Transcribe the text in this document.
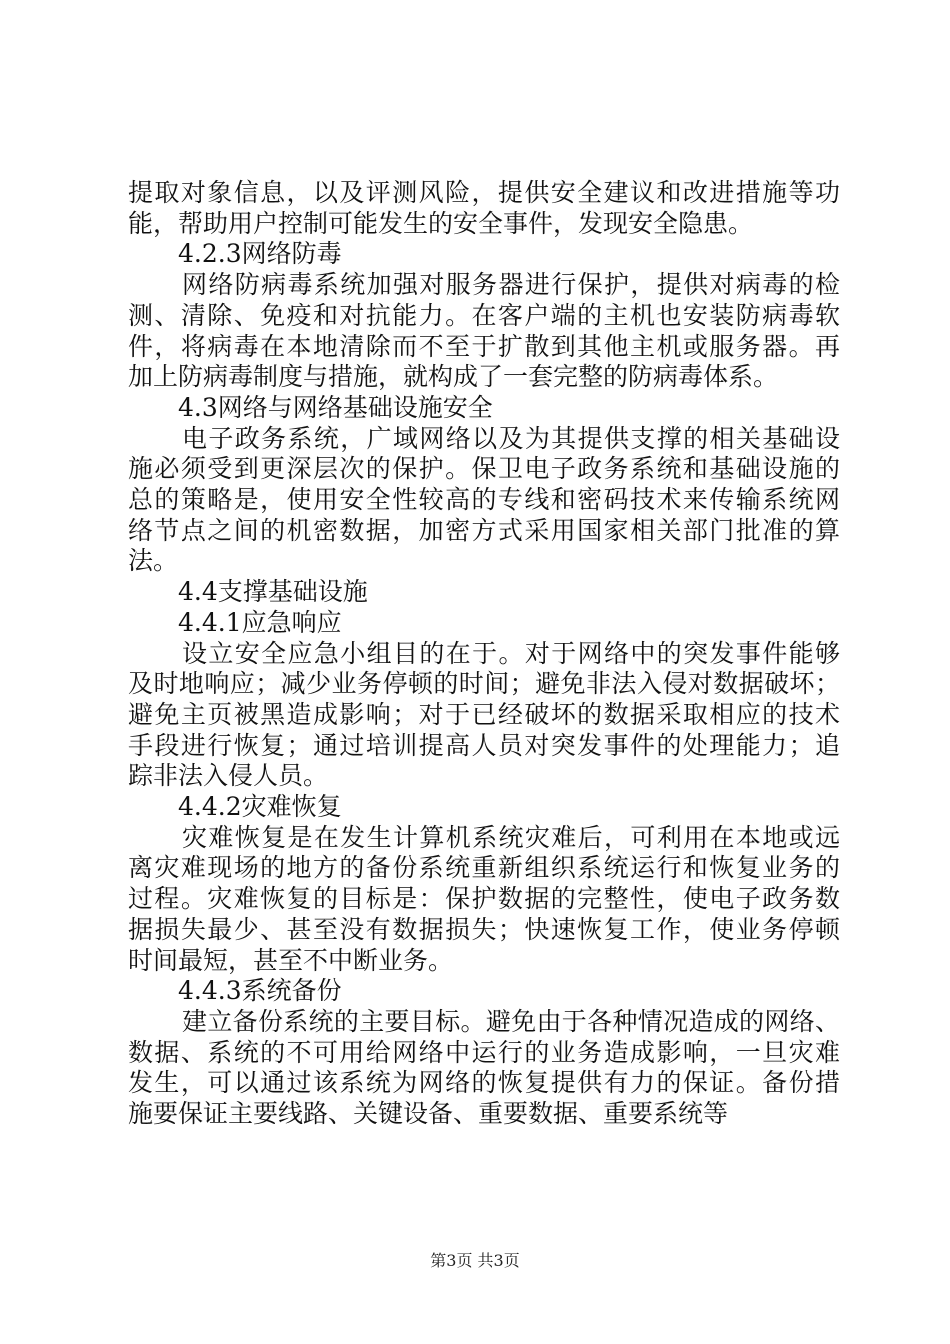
提取对象信息，以及评测风险，提供安全建议和改进措施等功
能，帮助用户控制可能发生的安全事件，发现安全隐患。
4.2.3网络防毒
网络防病毒系统加强对服务器进行保护，提供对病毒的检
测、清除、免疫和对抗能力。在客户端的主机也安装防病毒软
件，将病毒在本地清除而不至于扩散到其他主机或服务器。再
加上防病毒制度与措施，就构成了一套完整的防病毒体系。
4.3网络与网络基础设施安全
电子政务系统，广域网络以及为其提供支撑的相关基础设
施必须受到更深层次的保护。保卫电子政务系统和基础设施的
总的策略是，使用安全性较高的专线和密码技术来传输系统网
络节点之间的机密数据，加密方式采用国家相关部门批准的算
法。
4.4支撑基础设施
4.4.1应急响应
设立安全应急小组目的在于。对于网络中的突发事件能够
及时地响应；减少业务停顿的时间；避免非法入侵对数据破坏；
避免主页被黑造成影响；对于已经破坏的数据采取相应的技术
手段进行恢复；通过培训提高人员对突发事件的处理能力；追
踪非法入侵人员。
4.4.2灾难恢复
灾难恢复是在发生计算机系统灾难后，可利用在本地或远
离灾难现场的地方的备份系统重新组织系统运行和恢复业务的
过程。灾难恢复的目标是：保护数据的完整性，使电子政务数
据损失最少、甚至没有数据损失；快速恢复工作，使业务停顿
时间最短，甚至不中断业务。
4.4.3系统备份
建立备份系统的主要目标。避免由于各种情况造成的网络、
数据、系统的不可用给网络中运行的业务造成影响，一旦灾难
发生，可以通过该系统为网络的恢复提供有力的保证。备份措
施要保证主要线路、关键设备、重要数据、重要系统等
第3页 共3页
